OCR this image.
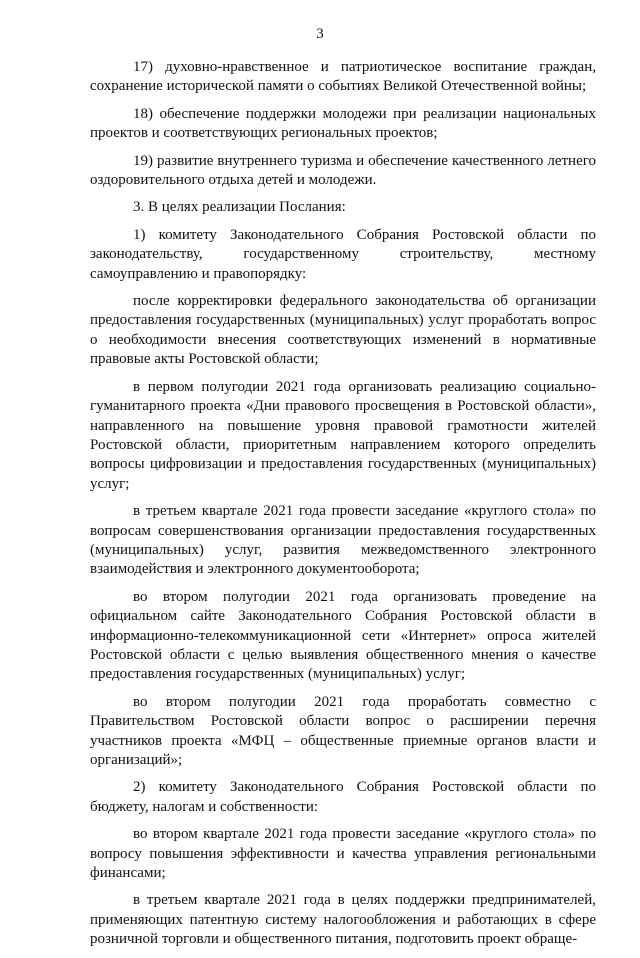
3

17) духовно-нравственное и патриотическое воспитание граждан, сохранение исторической памяти о событиях Великой Отечественной войны;

18) обеспечение поддержки молодежи при реализации национальных проектов и соответствующих региональных проектов;

19) развитие внутреннего туризма и обеспечение качественного летнего оздоровительного отдыха детей и молодежи.

3. В целях реализации Послания:

1) комитету Законодательного Собрания Ростовской области по законодательству, государственному строительству, местному самоуправлению и правопорядку:

после корректировки федерального законодательства об организации предоставления государственных (муниципальных) услуг проработать вопрос о необходимости внесения соответствующих изменений в нормативные правовые акты Ростовской области;

в первом полугодии 2021 года организовать реализацию социально-гуманитарного проекта «Дни правового просвещения в Ростовской области», направленного на повышение уровня правовой грамотности жителей Ростовской области, приоритетным направлением которого определить вопросы цифровизации и предоставления государственных (муниципальных) услуг;

в третьем квартале 2021 года провести заседание «круглого стола» по вопросам совершенствования организации предоставления государственных (муниципальных) услуг, развития межведомственного электронного взаимодействия и электронного документооборота;

во втором полугодии 2021 года организовать проведение на официальном сайте Законодательного Собрания Ростовской области в информационно-телекоммуникационной сети «Интернет» опроса жителей Ростовской области с целью выявления общественного мнения о качестве предоставления государственных (муниципальных) услуг;

во втором полугодии 2021 года проработать совместно с Правительством Ростовской области вопрос о расширении перечня участников проекта «МФЦ – общественные приемные органов власти и организаций»;

2) комитету Законодательного Собрания Ростовской области по бюджету, налогам и собственности:

во втором квартале 2021 года провести заседание «круглого стола» по вопросу повышения эффективности и качества управления региональными финансами;

в третьем квартале 2021 года в целях поддержки предпринимателей, применяющих патентную систему налогообложения и работающих в сфере розничной торговли и общественного питания, подготовить проект обраще-
